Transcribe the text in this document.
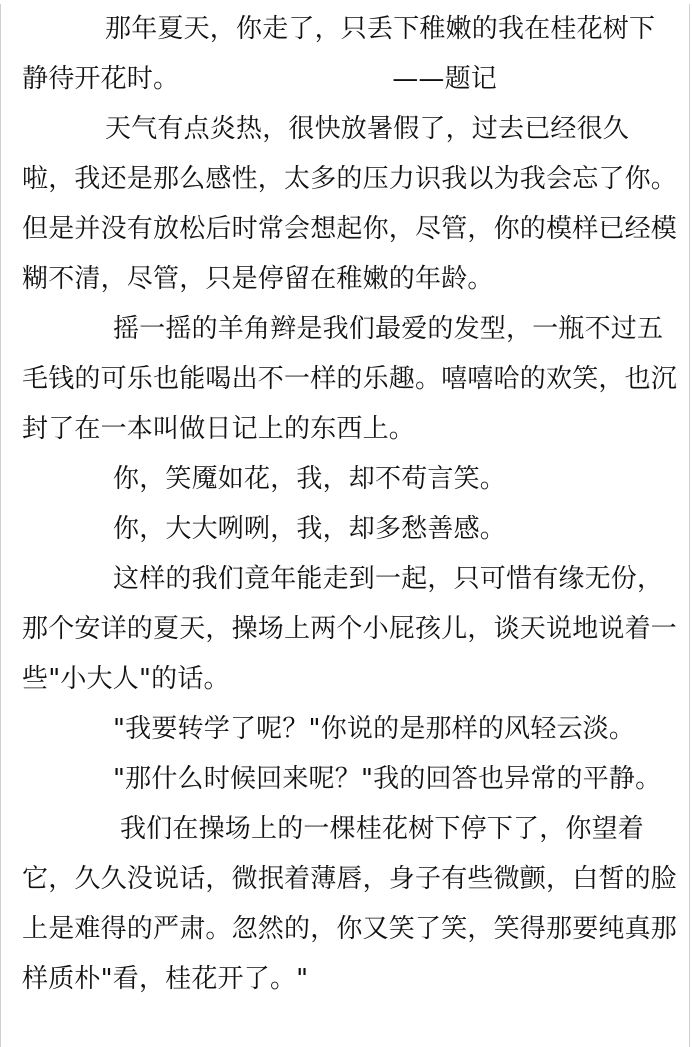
那年夏天，你走了，只丢下稚嫩的我在桂花树下静待开花时。	——题记

天气有点炎热，很快放暑假了，过去已经很久啦，我还是那么感性，太多的压力识我以为我会忘了你。但是并没有放松后时常会想起你，尽管，你的模样已经模糊不清，尽管，只是停留在稚嫩的年龄。

摇一摇的羊角辫是我们最爱的发型，一瓶不过五毛钱的可乐也能喝出不一样的乐趣。嘻嘻哈的欢笑，也沉封了在一本叫做日记上的东西上。

你，笑魇如花，我，却不苟言笑。

你，大大咧咧，我，却多愁善感。

这样的我们竟年能走到一起，只可惜有缘无份，那个安详的夏天，操场上两个小屁孩儿，谈天说地说着一些"小大人"的话。

"我要转学了呢？"你说的是那样的风轻云淡。

"那什么时候回来呢？"我的回答也异常的平静。

我们在操场上的一棵桂花树下停下了，你望着它，久久没说话，微抿着薄唇，身子有些微颤，白皙的脸上是难得的严肃。忽然的，你又笑了笑，笑得那要纯真那样质朴"看，桂花开了。"
